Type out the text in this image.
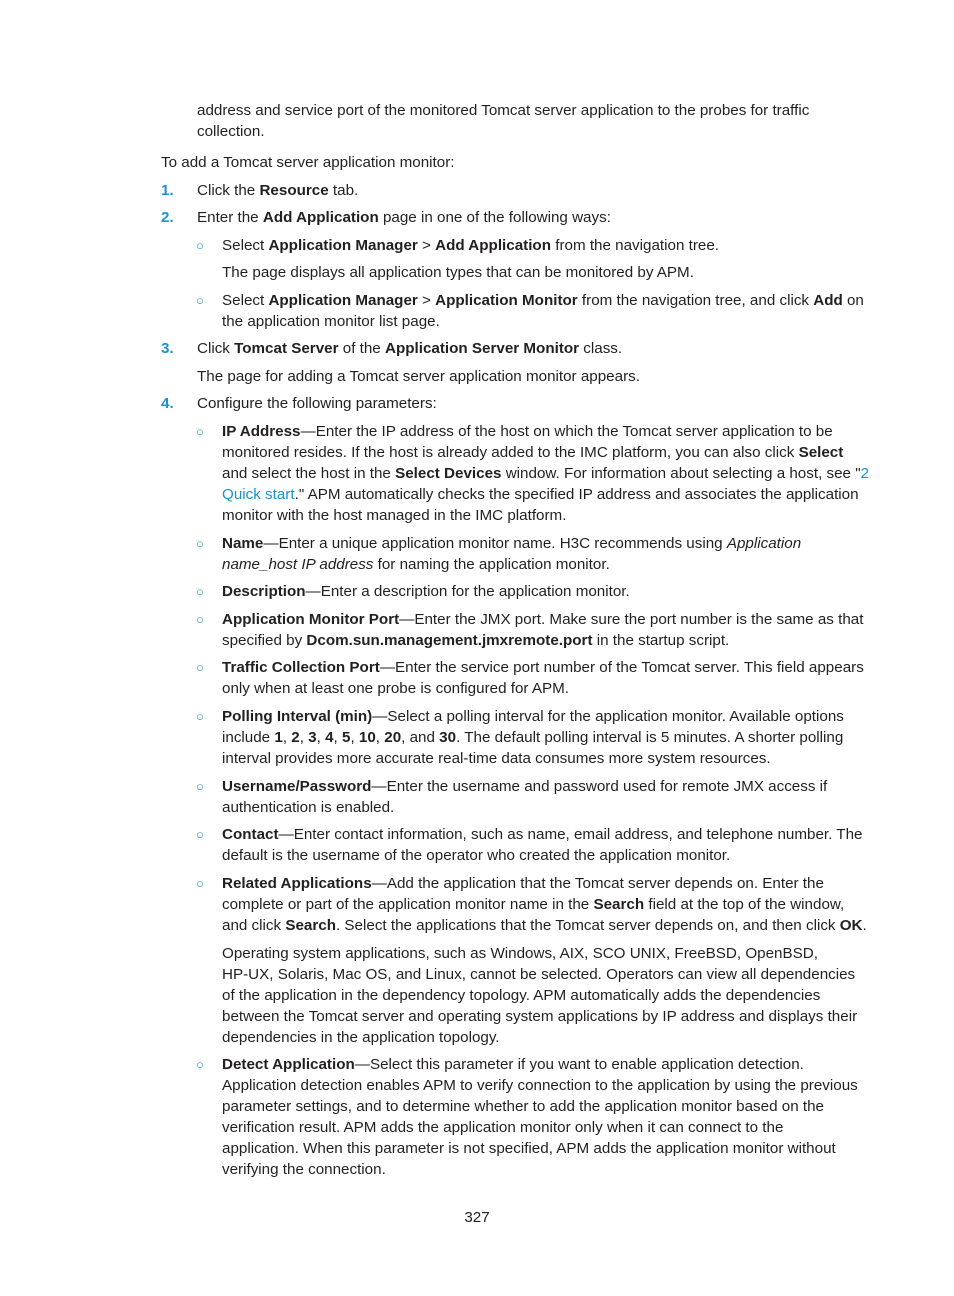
address and service port of the monitored Tomcat server application to the probes for traffic

collection.

To add a Tomcat server application monitor:

1. Click the Resource tab.

2. Enter the Add Application page in one of the following ways:

○ Select Application Manager > Add Application from the navigation tree.

The page displays all application types that can be monitored by APM.

○ Select Application Manager > Application Monitor from the navigation tree, and click Add on

the application monitor list page.

3. Click Tomcat Server of the Application Server Monitor class.

The page for adding a Tomcat server application monitor appears.

4. Configure the following parameters:

○ IP Address—Enter the IP address of the host on which the Tomcat server application to be

monitored resides. If the host is already added to the IMC platform, you can also click Select

and select the host in the Select Devices window. For information about selecting a host, see "2

Quick start." APM automatically checks the specified IP address and associates the application

monitor with the host managed in the IMC platform.

○ Name—Enter a unique application monitor name. H3C recommends using Application

name_host IP address for naming the application monitor.

○ Description—Enter a description for the application monitor.

○ Application Monitor Port—Enter the JMX port. Make sure the port number is the same as that

specified by Dcom.sun.management.jmxremote.port in the startup script.

○ Traffic Collection Port—Enter the service port number of the Tomcat server. This field appears

only when at least one probe is configured for APM.

○ Polling Interval (min)—Select a polling interval for the application monitor. Available options

include 1, 2, 3, 4, 5, 10, 20, and 30. The default polling interval is 5 minutes. A shorter polling

interval provides more accurate real-time data consumes more system resources.

○ Username/Password—Enter the username and password used for remote JMX access if

authentication is enabled.

○ Contact—Enter contact information, such as name, email address, and telephone number. The

default is the username of the operator who created the application monitor.

○ Related Applications—Add the application that the Tomcat server depends on. Enter the

complete or part of the application monitor name in the Search field at the top of the window,

and click Search. Select the applications that the Tomcat server depends on, and then click OK.

Operating system applications, such as Windows, AIX, SCO UNIX, FreeBSD, OpenBSD,

HP-UX, Solaris, Mac OS, and Linux, cannot be selected. Operators can view all dependencies

of the application in the dependency topology. APM automatically adds the dependencies

between the Tomcat server and operating system applications by IP address and displays their

dependencies in the application topology.

○ Detect Application—Select this parameter if you want to enable application detection.

Application detection enables APM to verify connection to the application by using the previous

parameter settings, and to determine whether to add the application monitor based on the

verification result. APM adds the application monitor only when it can connect to the

application. When this parameter is not specified, APM adds the application monitor without

verifying the connection.

327
